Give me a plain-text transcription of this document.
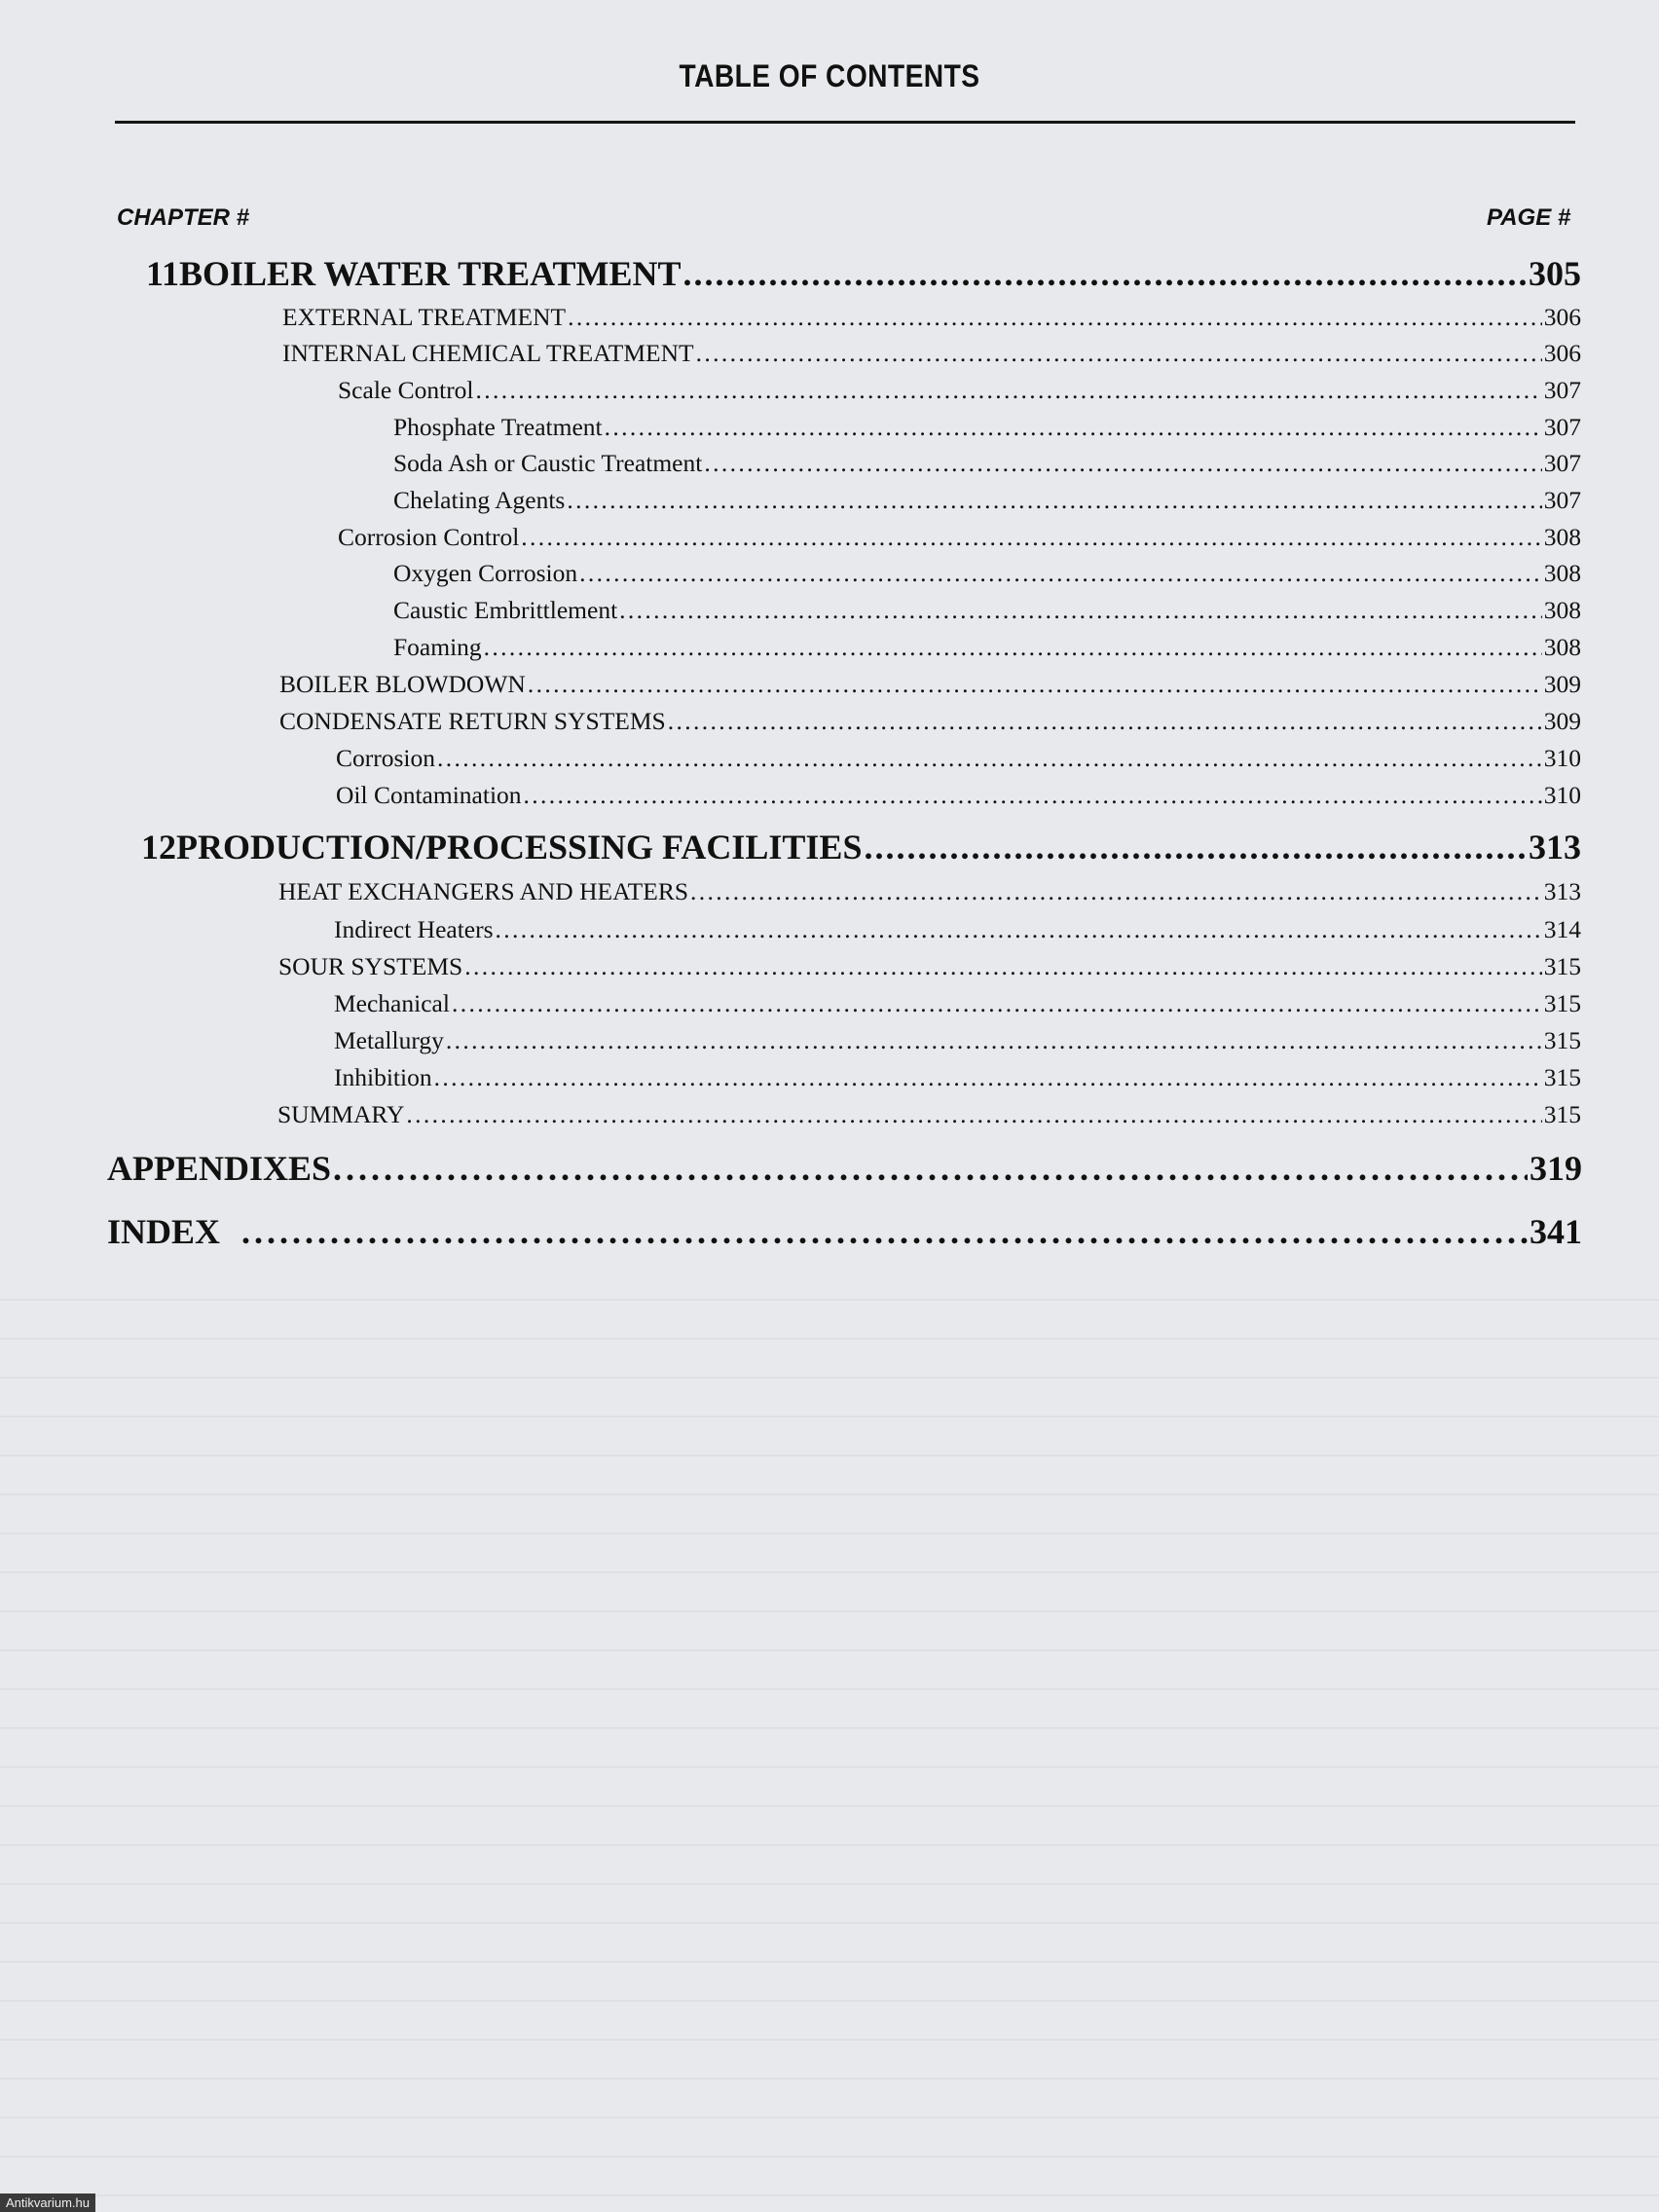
TABLE OF CONTENTS
CHAPTER #	PAGE #
11 BOILER WATER TREATMENT . . .	305
EXTERNAL TREATMENT . . .	306
INTERNAL CHEMICAL TREATMENT . . .	306
Scale Control . . .	307
Phosphate Treatment . . .	307
Soda Ash or Caustic Treatment . . .	307
Chelating Agents . . .	307
Corrosion Control . . .	308
Oxygen Corrosion . . .	308
Caustic Embrittlement . . .	308
Foaming . . .	308
BOILER BLOWDOWN . . .	309
CONDENSATE RETURN SYSTEMS . . .	309
Corrosion . . .	310
Oil Contamination . . .	310
12 PRODUCTION/PROCESSING FACILITIES . . .	313
HEAT EXCHANGERS AND HEATERS . . .	313
Indirect Heaters . . .	314
SOUR SYSTEMS . . .	315
Mechanical . . .	315
Metallurgy . . .	315
Inhibition . . .	315
SUMMARY . . .	315
APPENDIXES . . .	319
INDEX . . .	341
Antikvarium.hu
